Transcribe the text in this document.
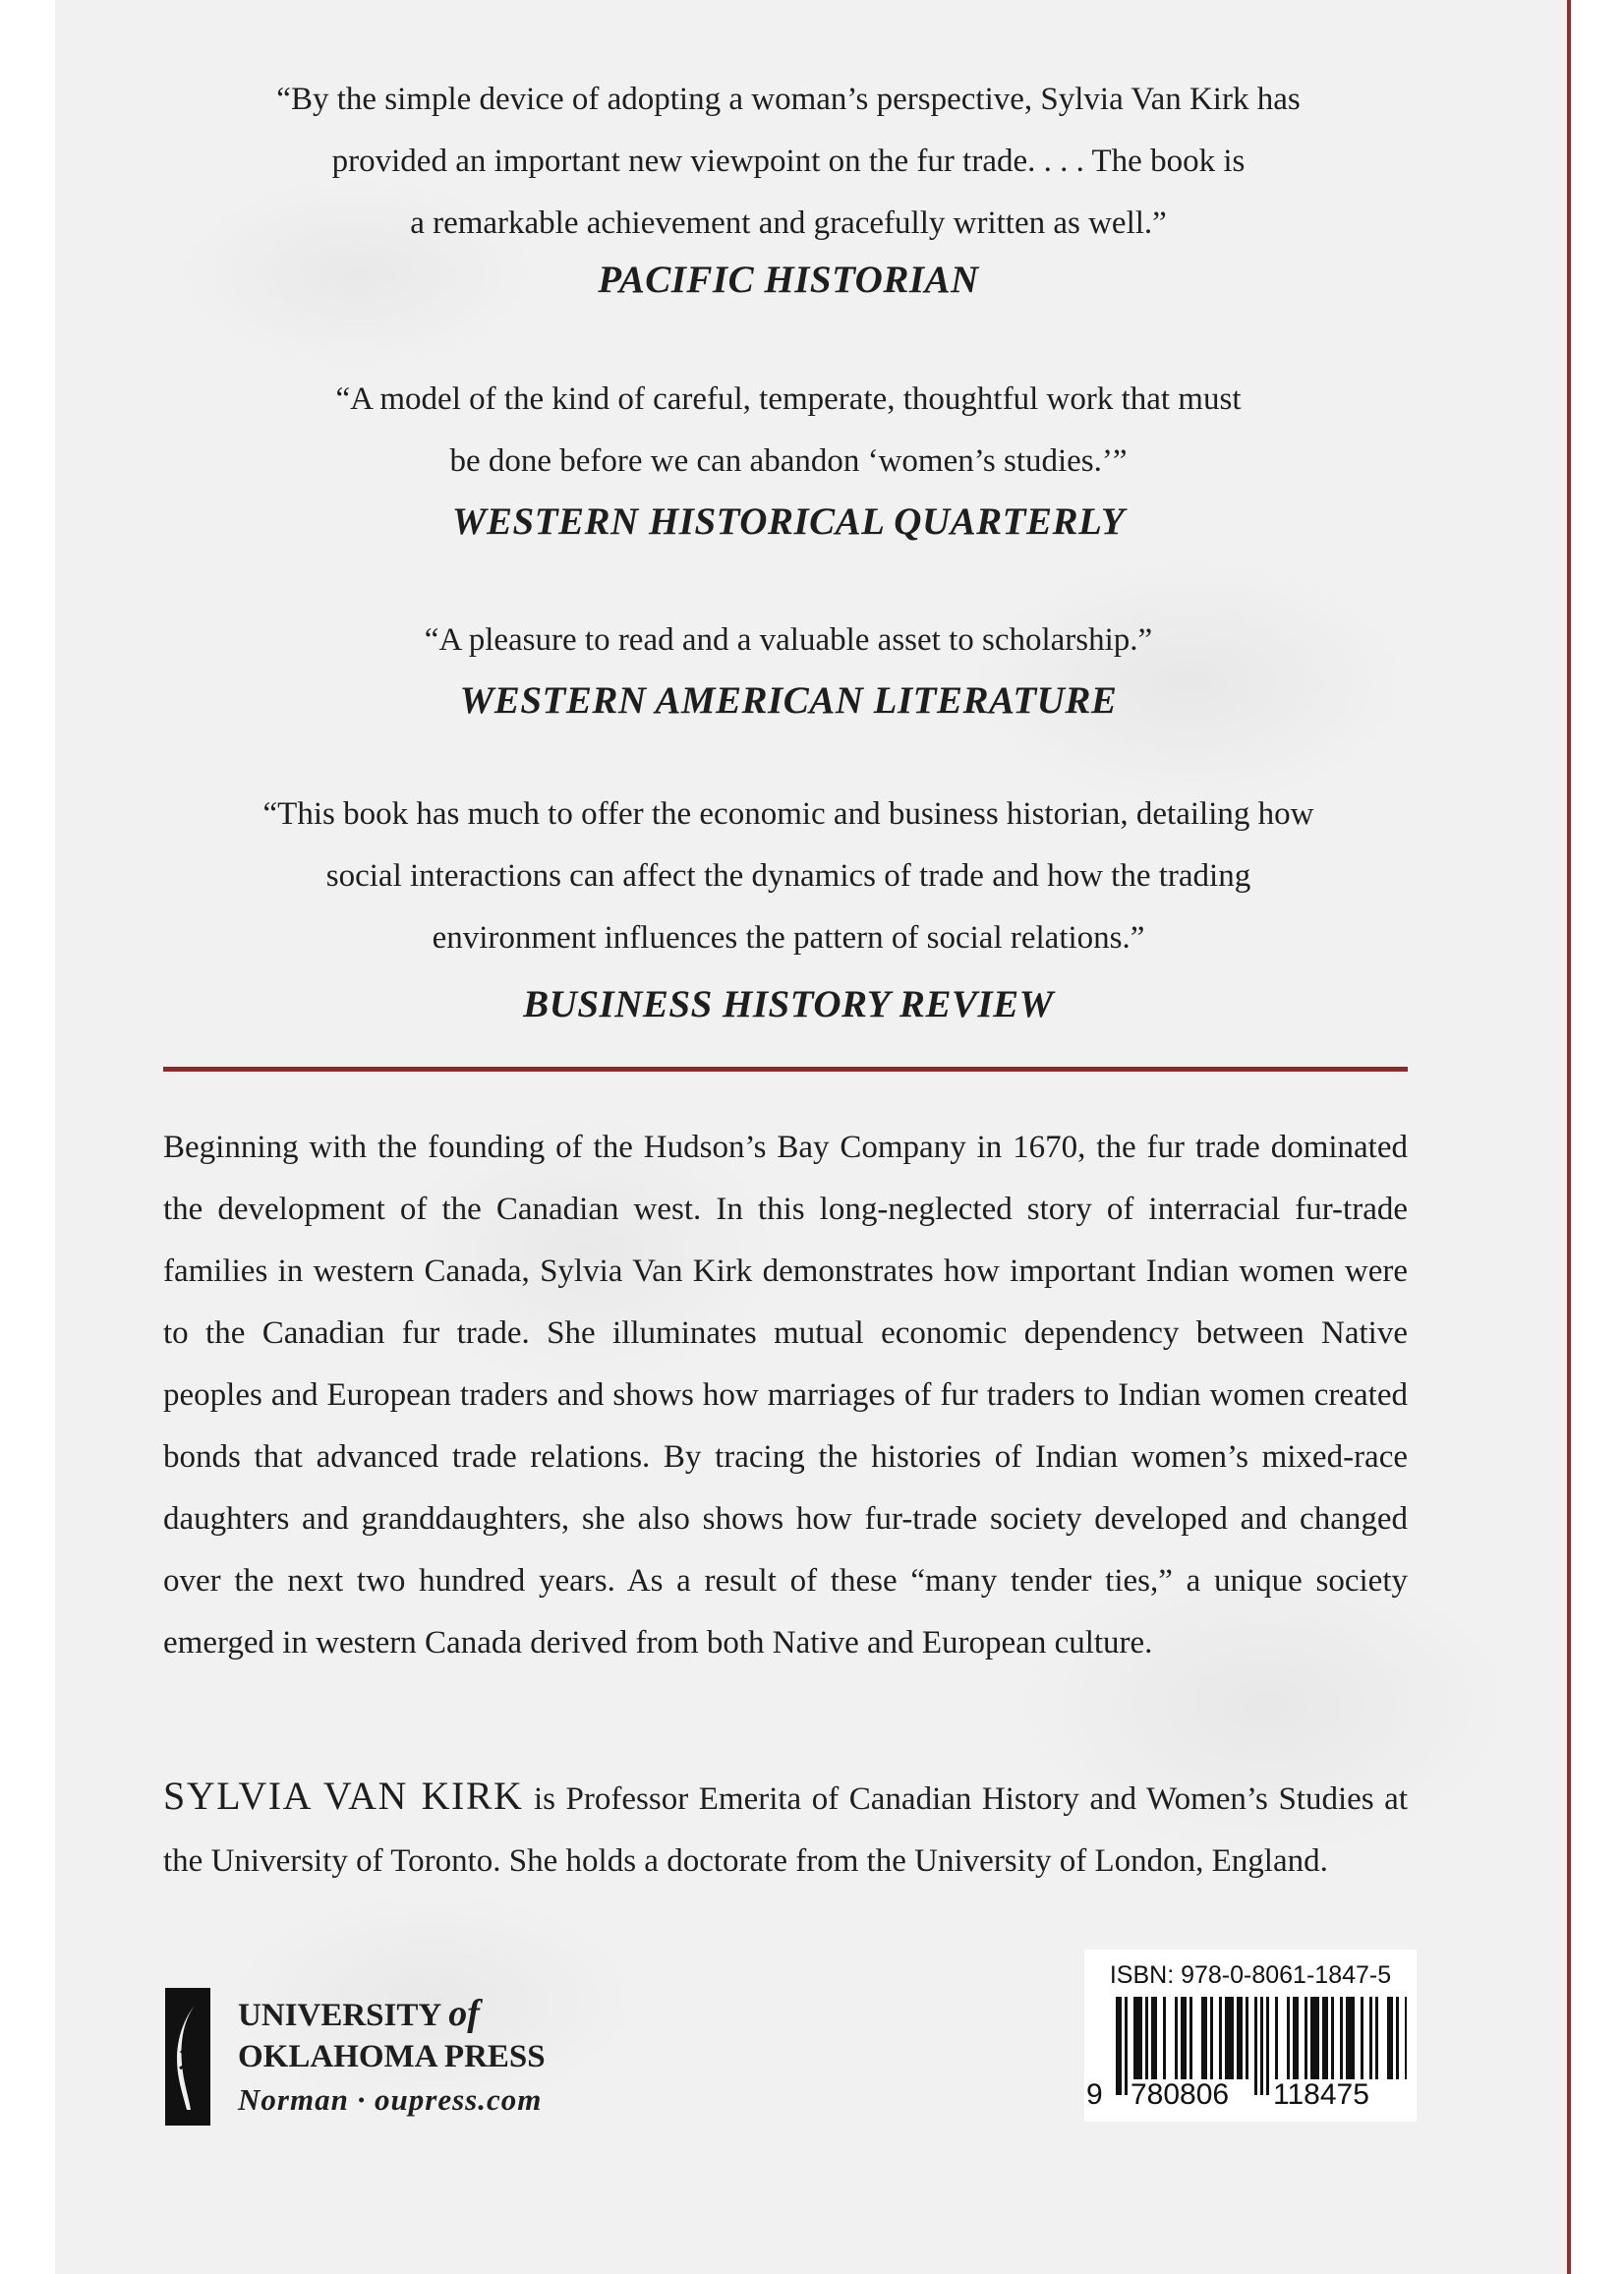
“By the simple device of adopting a woman’s perspective, Sylvia Van Kirk has
provided an important new viewpoint on the fur trade. . . . The book is
a remarkable achievement and gracefully written as well.”
PACIFIC HISTORIAN
“A model of the kind of careful, temperate, thoughtful work that must
be done before we can abandon ‘women’s studies.’”
WESTERN HISTORICAL QUARTERLY
“A pleasure to read and a valuable asset to scholarship.”
WESTERN AMERICAN LITERATURE
“This book has much to offer the economic and business historian, detailing how
social interactions can affect the dynamics of trade and how the trading
environment influences the pattern of social relations.”
BUSINESS HISTORY REVIEW

Beginning with the founding of the Hudson’s Bay Company in 1670, the fur trade dominated the development of the Canadian west. In this long-neglected story of interracial fur-trade families in western Canada, Sylvia Van Kirk demonstrates how important Indian women were to the Canadian fur trade. She illuminates mutual economic dependency between Native peoples and European traders and shows how marriages of fur traders to Indian women created bonds that advanced trade relations. By tracing the histories of Indian women’s mixed-race daughters and granddaughters, she also shows how fur-trade society developed and changed over the next two hundred years. As a result of these “many tender ties,” a unique society emerged in western Canada derived from both Native and European culture.

SYLVIA VAN KIRK is Professor Emerita of Canadian History and Women’s Studies at the University of Toronto. She holds a doctorate from the University of London, England.

UNIVERSITY of
OKLAHOMA PRESS
Norman · oupress.com

ISBN: 978-0-8061-1847-5

9 780806 118475
